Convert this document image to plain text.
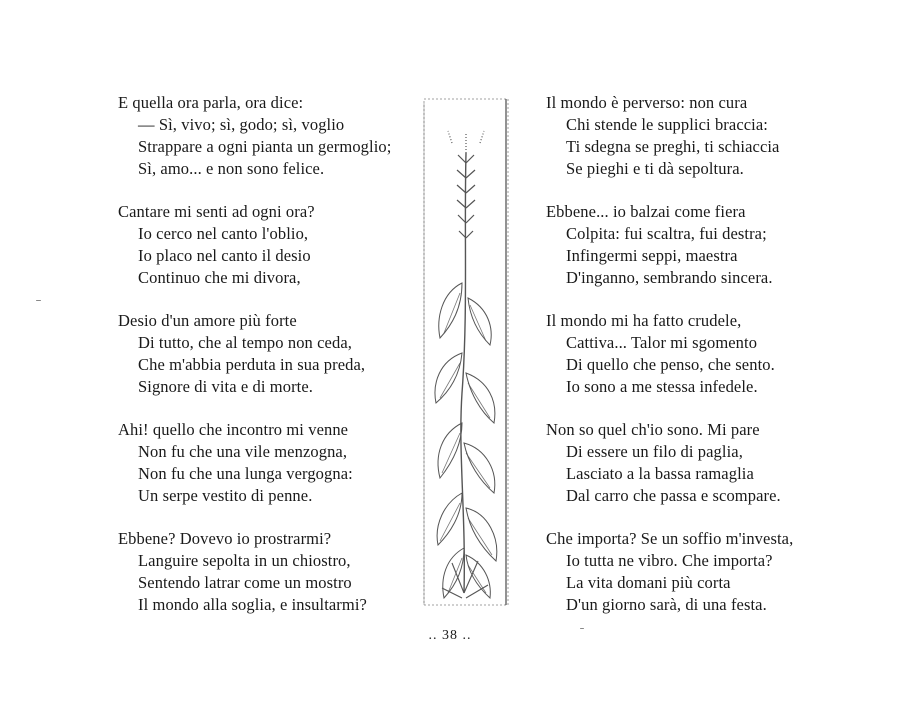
E quella ora parla, ora dice:
— Sì, vivo; sì, godo; sì, voglio
Strappare a ogni pianta un germoglio;
Sì, amo... e non sono felice.
Cantare mi senti ad ogni ora?
Io cerco nel canto l'oblio,
Io placo nel canto il desio
Continuo che mi divora,
Desio d'un amore più forte
Di tutto, che al tempo non ceda,
Che m'abbia perduta in sua preda,
Signore di vita e di morte.
Ahi! quello che incontro mi venne
Non fu che una vile menzogna,
Non fu che una lunga vergogna:
Un serpe vestito di penne.
Ebbene? Dovevo io prostrarmi?
Languire sepolta in un chiostro,
Sentendo latrar come un mostro
Il mondo alla soglia, e insultarmi?
Il mondo è perverso: non cura
Chi stende le supplici braccia:
Ti sdegna se preghi, ti schiaccia
Se pieghi e ti dà sepoltura.
Ebbene... io balzai come fiera
Colpita: fui scaltra, fui destra;
Infingermi seppi, maestra
D'inganno, sembrando sincera.
Il mondo mi ha fatto crudele,
Cattiva... Talor mi sgomento
Di quello che penso, che sento.
Io sono a me stessa infedele.
Non so quel ch'io sono. Mi pare
Di essere un filo di paglia,
Lasciato a la bassa ramaglia
Dal carro che passa e scompare.
Che importa? Se un soffio m'investa,
Io tutta ne vibro. Che importa?
La vita domani più corta
D'un giorno sarà, di una festa.
.. 38 ..
